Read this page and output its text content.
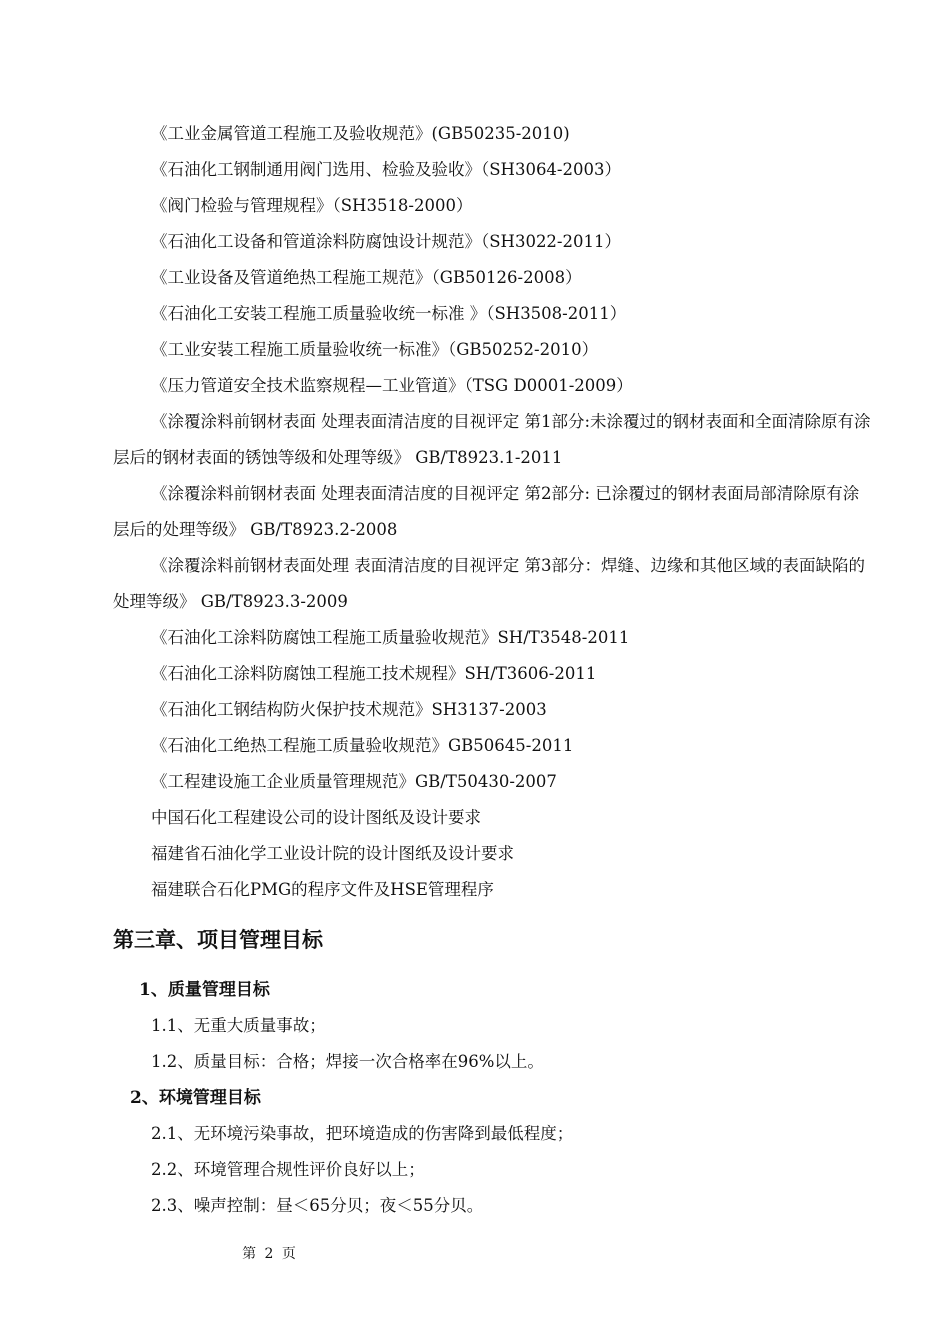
《工业金属管道工程施工及验收规范》(GB50235-2010)
《石油化工钢制通用阀门选用、检验及验收》（SH3064-2003）
《阀门检验与管理规程》（SH3518-2000）
《石油化工设备和管道涂料防腐蚀设计规范》（SH3022-2011）
《工业设备及管道绝热工程施工规范》（GB50126-2008）
《石油化工安装工程施工质量验收统一标准 》（SH3508-2011）
《工业安装工程施工质量验收统一标准》（GB50252-2010）
《压力管道安全技术监察规程—工业管道》（TSG D0001-2009）
《涂覆涂料前钢材表面 处理表面清洁度的目视评定 第1部分:未涂覆过的钢材表面和全面清除原有涂层后的钢材表面的锈蚀等级和处理等级》 GB/T8923.1-2011
《涂覆涂料前钢材表面 处理表面清洁度的目视评定 第2部分: 已涂覆过的钢材表面局部清除原有涂层后的处理等级》 GB/T8923.2-2008
《涂覆涂料前钢材表面处理 表面清洁度的目视评定 第3部分：焊缝、边缘和其他区域的表面缺陷的处理等级》 GB/T8923.3-2009
《石油化工涂料防腐蚀工程施工质量验收规范》SH/T3548-2011
《石油化工涂料防腐蚀工程施工技术规程》SH/T3606-2011
《石油化工钢结构防火保护技术规范》SH3137-2003
《石油化工绝热工程施工质量验收规范》GB50645-2011
《工程建设施工企业质量管理规范》GB/T50430-2007
中国石化工程建设公司的设计图纸及设计要求
福建省石油化学工业设计院的设计图纸及设计要求
福建联合石化PMG的程序文件及HSE管理程序
第三章、项目管理目标

1、质量管理目标

1.1、无重大质量事故；

1.2、质量目标：合格；焊接一次合格率在96%以上。

2、环境管理目标

2.1、无环境污染事故，把环境造成的伤害降到最低程度；

2.2、环境管理合规性评价良好以上；

2.3、噪声控制：昼＜65分贝；夜＜55分贝。

第 2 页
